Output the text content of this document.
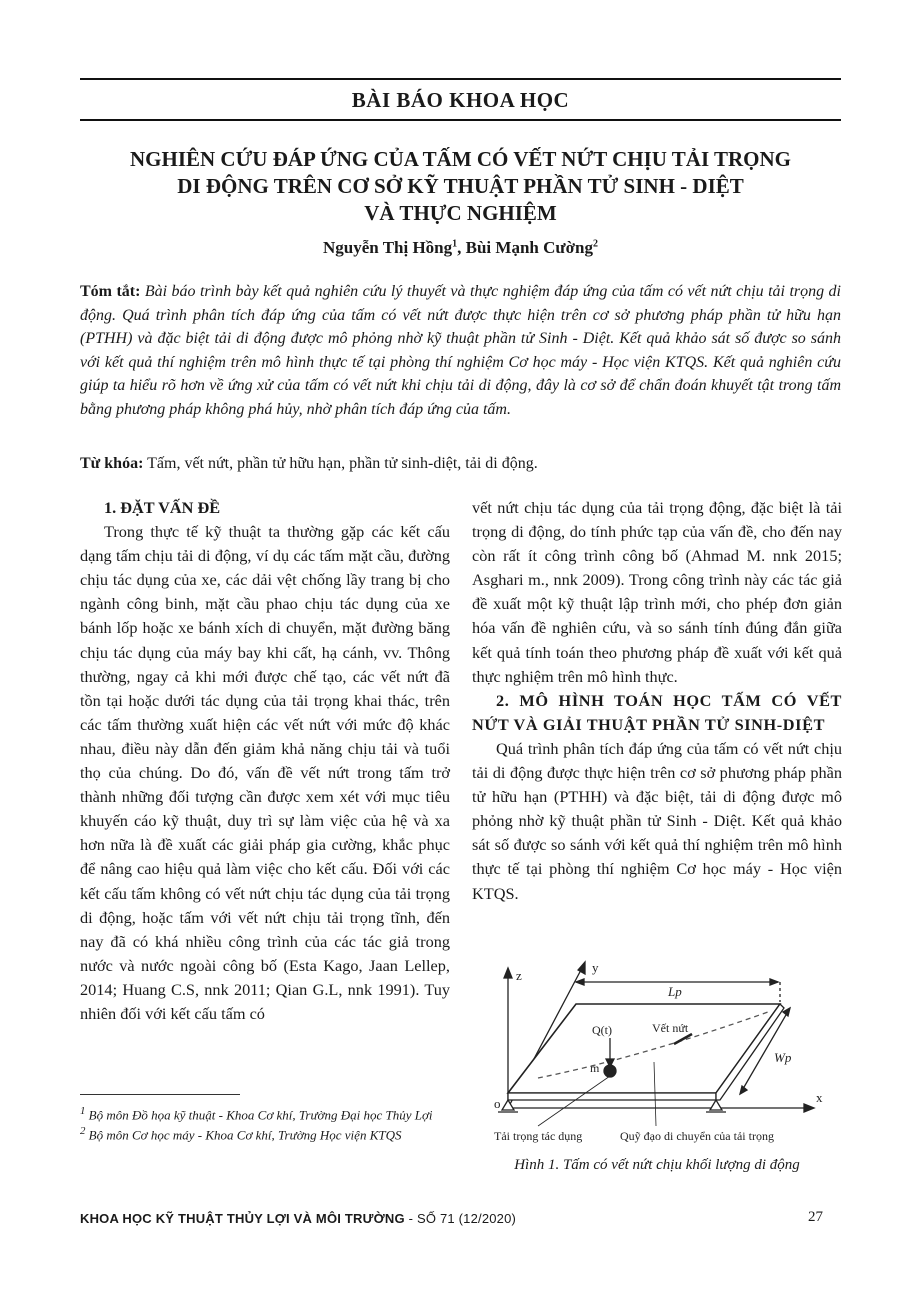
BÀI BÁO KHOA HỌC
NGHIÊN CỨU ĐÁP ỨNG CỦA TẤM CÓ VẾT NỨT CHỊU TẢI TRỌNG
DI ĐỘNG TRÊN CƠ SỞ KỸ THUẬT PHẦN TỬ SINH - DIỆT
VÀ THỰC NGHIỆM
Nguyễn Thị Hồng$^1$, Bùi Mạnh Cường$^2$
Tóm tắt: Bài báo trình bày kết quả nghiên cứu lý thuyết và thực nghiệm đáp ứng của tấm có vết nứt chịu tải trọng di động. Quá trình phân tích đáp ứng của tấm có vết nứt được thực hiện trên cơ sở phương pháp phần tử hữu hạn (PTHH) và đặc biệt tải di động được mô phỏng nhờ kỹ thuật phần tử Sinh - Diệt. Kết quả khảo sát số được so sánh với kết quả thí nghiệm trên mô hình thực tế tại phòng thí nghiệm Cơ học máy - Học viện KTQS. Kết quả nghiên cứu giúp ta hiểu rõ hơn về ứng xử của tấm có vết nứt khi chịu tải di động, đây là cơ sở để chẩn đoán khuyết tật trong tấm bằng phương pháp không phá hủy, nhờ phân tích đáp ứng của tấm.
Từ khóa: Tấm, vết nứt, phần tử hữu hạn, phần tử sinh-diệt, tải di động.

1. ĐẶT VẤN ĐỀ

Trong thực tế kỹ thuật ta thường gặp các kết cấu dạng tấm chịu tải di động, ví dụ các tấm mặt cầu, đường chịu tác dụng của xe, các dải vệt chống lầy trang bị cho ngành công binh, mặt cầu phao chịu tác dụng của xe bánh lốp hoặc xe bánh xích di chuyển, mặt đường băng chịu tác dụng của máy bay khi cất, hạ cánh, vv. Thông thường, ngay cả khi mới được chế tạo, các vết nứt đã tồn tại hoặc dưới tác dụng của tải trọng khai thác, trên các tấm thường xuất hiện các vết nứt với mức độ khác nhau, điều này dẫn đến giảm khả năng chịu tải và tuổi thọ của chúng. Do đó, vấn đề vết nứt trong tấm trở thành những đối tượng cần được xem xét với mục tiêu khuyến cáo kỹ thuật, duy trì sự làm việc của hệ và xa hơn nữa là đề xuất các giải pháp gia cường, khắc phục để nâng cao hiệu quả làm việc cho kết cấu. Đối với các kết cấu tấm không có vết nứt chịu tác dụng của tải trọng di động, hoặc tấm với vết nứt chịu tải trọng tĩnh, đến nay đã có khá nhiều công trình của các tác giả trong nước và nước ngoài công bố (Esta Kago, Jaan Lellep, 2014; Huang C.S, nnk 2011; Qian G.L, nnk 1991). Tuy nhiên đối với kết cấu tấm có

vết nứt chịu tác dụng của tải trọng động, đặc biệt là tải trọng di động, do tính phức tạp của vấn đề, cho đến nay còn rất ít công trình công bố (Ahmad M. nnk 2015; Asghari m., nnk 2009). Trong công trình này các tác giả đề xuất một kỹ thuật lập trình mới, cho phép đơn giản hóa vấn đề nghiên cứu, và so sánh tính đúng đắn giữa kết quả tính toán theo phương pháp đề xuất với kết quả thực nghiệm trên mô hình thực.

2. MÔ HÌNH TOÁN HỌC TẤM CÓ VẾT NỨT VÀ GIẢI THUẬT PHẦN TỬ SINH-DIỆT

Quá trình phân tích đáp ứng của tấm có vết nứt chịu tải di động được thực hiện trên cơ sở phương pháp phần tử hữu hạn (PTHH) và đặc biệt, tải di động được mô phỏng nhờ kỹ thuật phần tử Sinh - Diệt. Kết quả khảo sát số được so sánh với kết quả thí nghiệm trên mô hình thực tế tại phòng thí nghiệm Cơ học máy - Học viện KTQS.

$^1$ Bộ môn Đồ họa kỹ thuật - Khoa Cơ khí, Trường Đại học Thủy Lợi
$^2$ Bộ môn Cơ học máy - Khoa Cơ khí, Trường Học viện KTQS
z
y
x
o
Lp
Wp
Q(t)	Vết nứt
m
Tải trọng tác dụng	Quỹ đạo di chuyển của tải trọng
Hình 1. Tấm có vết nứt chịu khối lượng di động
KHOA HỌC KỸ THUẬT THỦY LỢI VÀ MÔI TRƯỜNG - SỐ 71 (12/2020)	27
